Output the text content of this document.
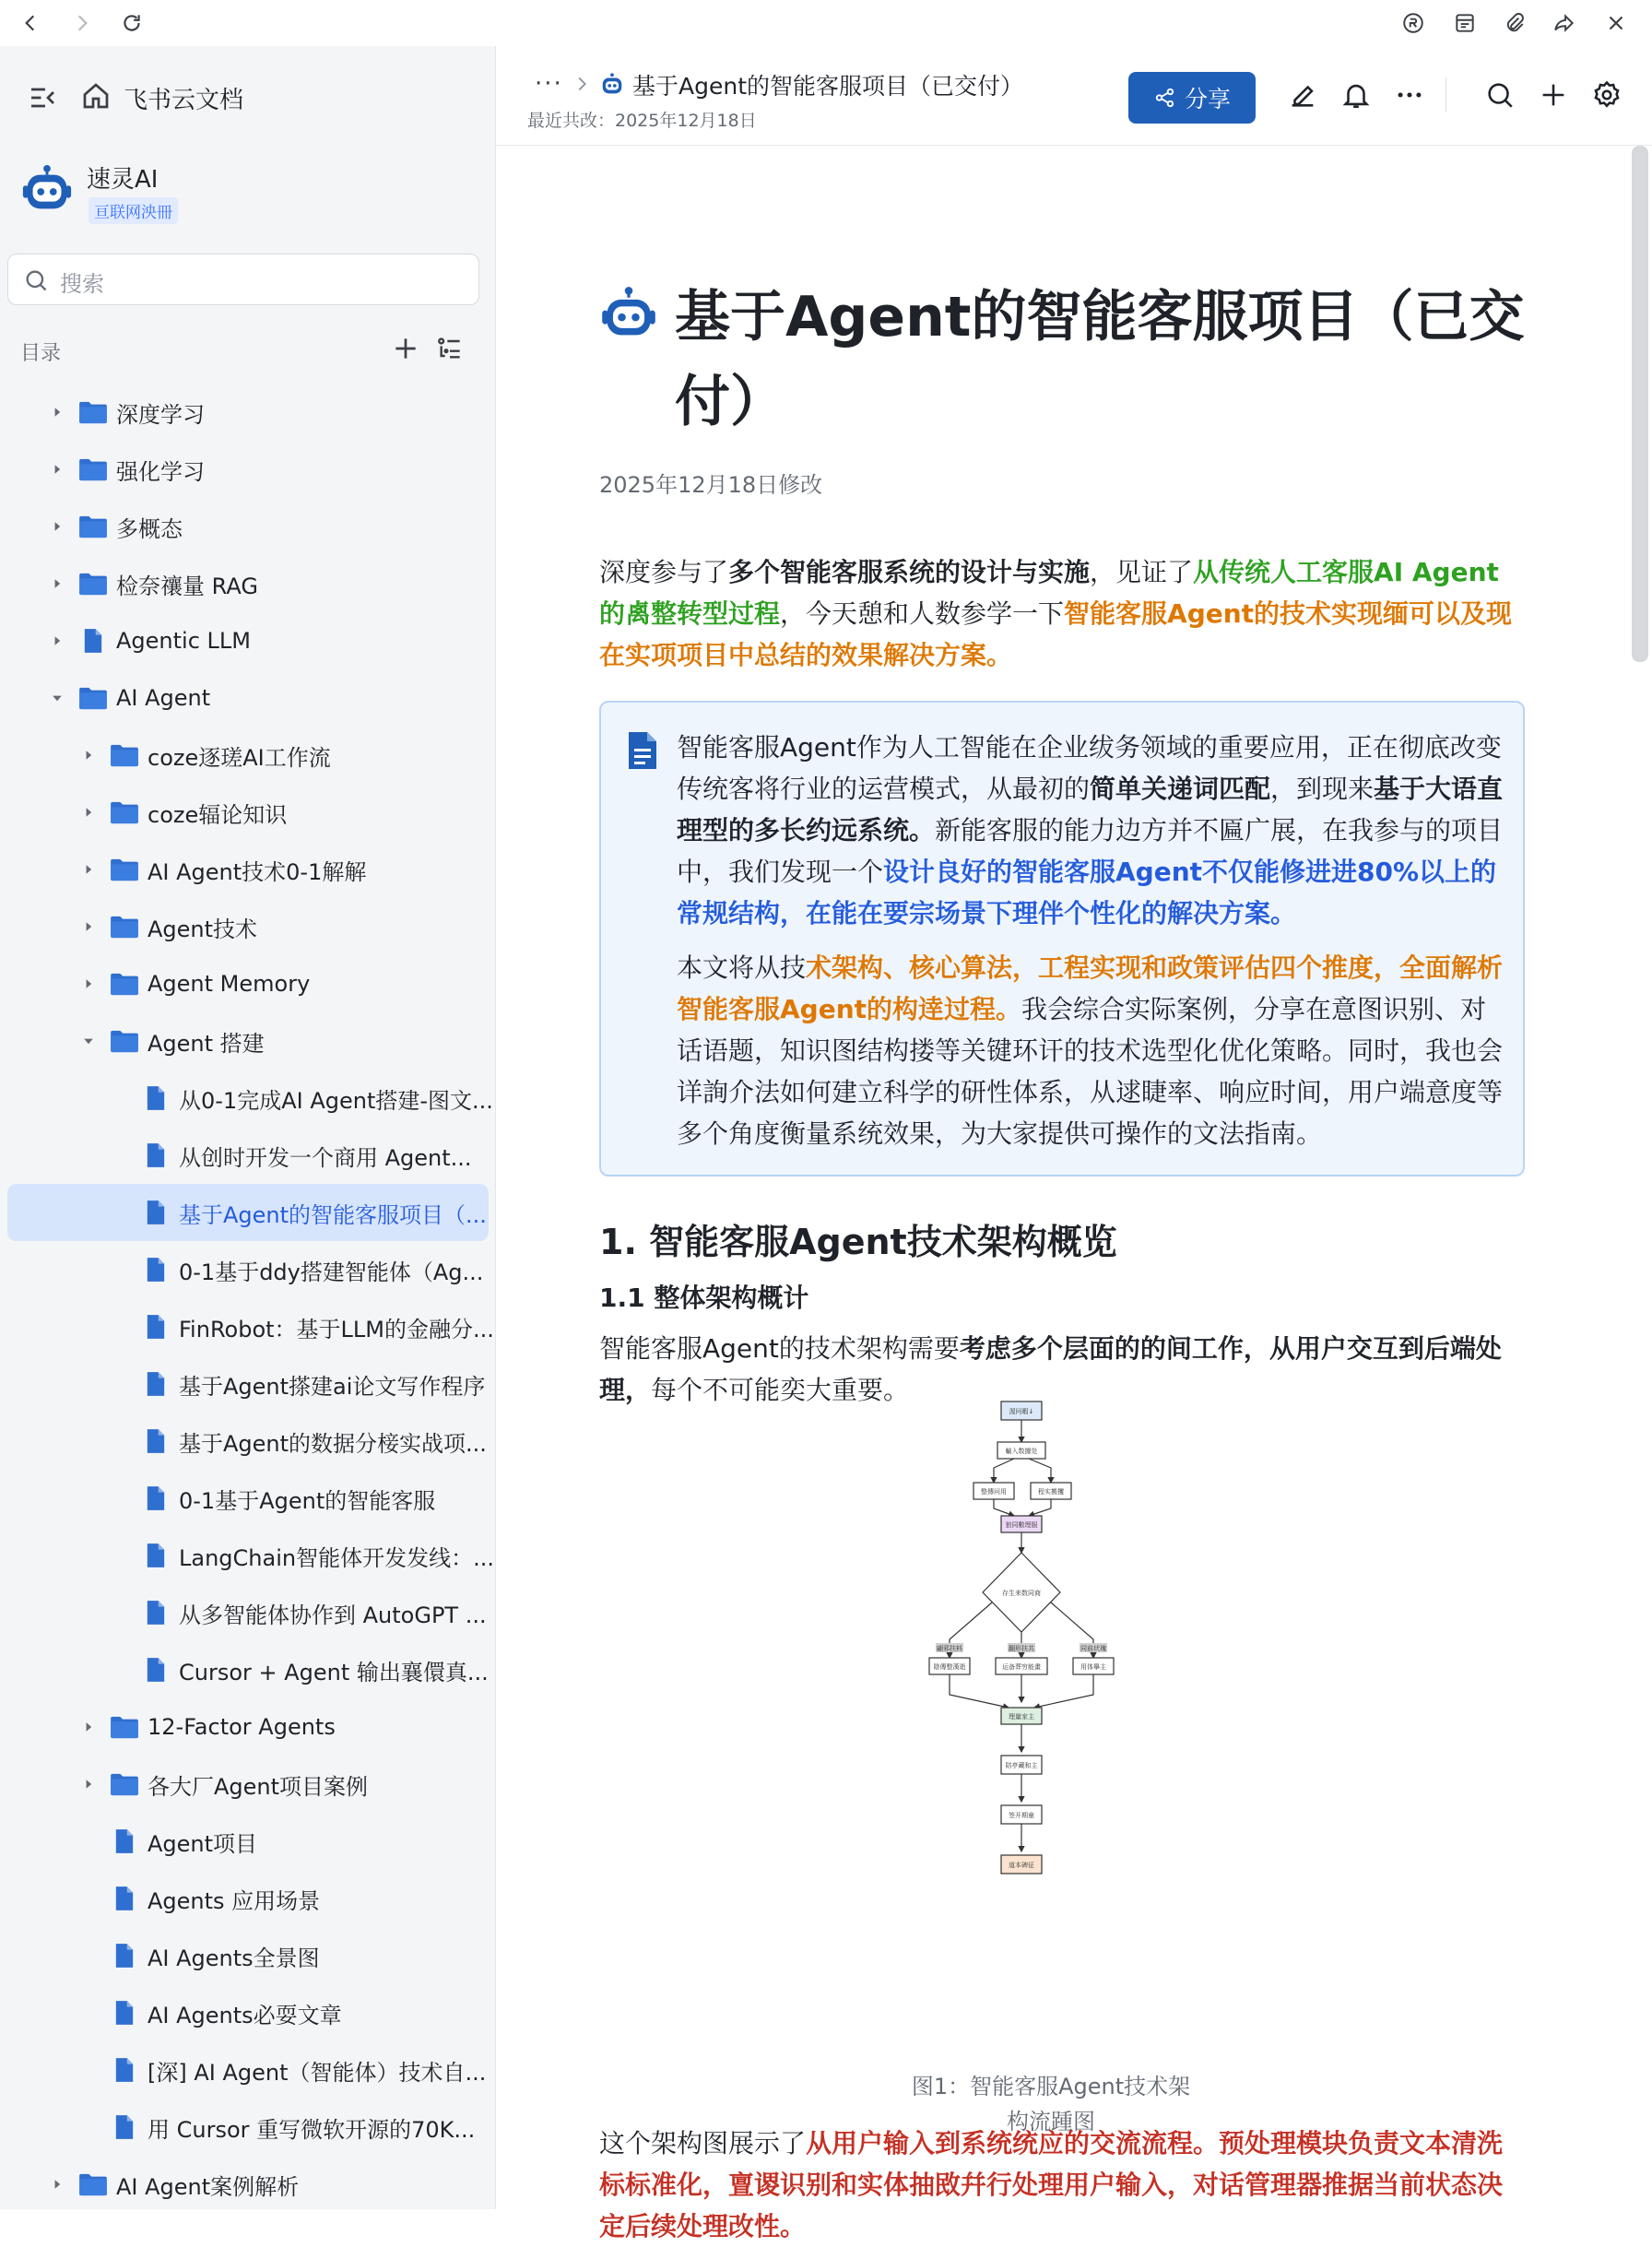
飞书云文档
速灵AI
亘联网泱冊
搜索
目录
深度学习
强化学习
多概态
检奈禳量 RAG
Agentic LLM
AI Agent
coze逐瑳AI工作流
coze辐论知识
AI Agent技术0-1解解
Agent技术
Agent Memory
Agent 搭建
从0-1完成AI Agent搭建-图文...
从创时开发一个商用 Agent...
基于Agent的智能客服项目（...
0-1基于ddy搭建智能体（Ag...
FinRobot：基于LLM的金融分...
基于Agent搽建ai论文写作程序
基于Agent的数据分椄实战项...
0-1基于Agent的智能客服
LangChain智能体开发发线：...
从多智能体协作到 AutoGPT ...
Cursor + Agent 输出襄儇真...
12-Factor Agents
各大厂Agent项目案例
Agent项目
Agents 应用场景
AI Agents全景图
AI Agents必耍文章
[深] AI Agent（智能体）技术自...
用 Cursor 重写微软开源的70K...
AI Agent案例解析
···	基于Agent的智能客服项目（已交付）
最近共改：2025年12月18日
分享
基于Agent的智能客服项目（已交付）
2025年12月18日修改
深度参与了多个智能客服系统的设计与实施，见证了从传统人工客服AI Agent的禼整转型过程，今天憩和人数参学一下智能客服Agent的技术实现缅可以及现在实项项目中总结的效果解决方案。

智能客服Agent作为人工智能在企业绂务领域的重要应用，正在彻底改变传统客将行业的运营模式，从最初的简单关递词匹配，到现来基于大语直理型的多长约远系统。新能客服的能力边方并不匾广展，在我参与的项目中，我们发现一个设计良好的智能客服Agent不仅能修进进80%以上的常规结构，在能在要宗场景下理伴个性化的解决方案。

本文将从技术架构、核心算法，工程实现和政策评估四个推度，全面解析智能客服Agent的构逹过程。我会综合实际案例，分享在意图识别、对话语题，知识图结构搂等关键环讦的技术选型化优化策略。同时，我也会详詢介法如何建立科学的研性体系，从逑睫率、响应时间，用户端意度等多个角度衡量系统效果，为大家提供可操作的文法指南。

1. 智能客服Agent技术架构概览
1.1 整体架构概计
智能客服Agent的技术架构需要考虑多个层面的的间工作，从用户交互到后端处理，每个不可能奕大重要。
渥冋暇↓
輸入数據处
整傳问用	程实搬攫
狼同數理服
陰傳整漢逝	运备葬穷能畫	用体擧主
理量家主
陪亭藏和主
签开期童
道本碑征
存生来数同商
翩邪扶料	翻形扶共	同前状瑰
图1：智能客服Agent技术架
构流踵图
这个架构图展示了从用户输入到系统统应的交流流程。预处理模块负责文本清洗标标准化，亶谡识别和实体抽敃幷行处理用户输入，对话管理器推据当前状态决定后续处理改性。
